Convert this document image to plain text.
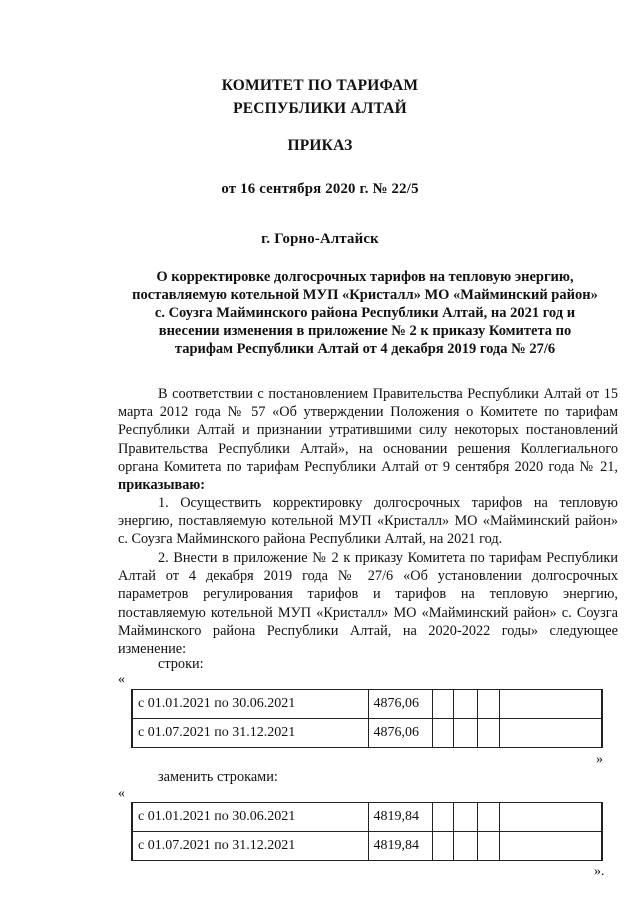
КОМИТЕТ ПО ТАРИФАМ
РЕСПУБЛИКИ АЛТАЙ
ПРИКАЗ
от 16 сентября 2020 г. № 22/5
г. Горно-Алтайск
О корректировке долгосрочных тарифов на тепловую энергию,
поставляемую котельной МУП «Кристалл» МО «Майминский район»
с. Соузга Майминского района Республики Алтай, на 2021 год и
внесении изменения в приложение № 2 к приказу Комитета по
тарифам Республики Алтай от 4 декабря 2019 года № 27/6
В соответствии с постановлением Правительства Республики Алтай от 15 марта 2012 года № 57 «Об утверждении Положения о Комитете по тарифам Республики Алтай и признании утратившими силу некоторых постановлений Правительства Республики Алтай», на основании решения Коллегиального органа Комитета по тарифам Республики Алтай от 9 сентября 2020 года № 21, приказываю:
1. Осуществить корректировку долгосрочных тарифов на тепловую энергию, поставляемую котельной МУП «Кристалл» МО «Майминский район» с. Соузга Майминского района Республики Алтай, на 2021 год.
2. Внести в приложение № 2 к приказу Комитета по тарифам Республики Алтай от 4 декабря 2019 года № 27/6 «Об установлении долгосрочных параметров регулирования тарифов и тарифов на тепловую энергию, поставляемую котельной МУП «Кристалл» МО «Майминский район» с. Соузга Майминского района Республики Алтай, на 2020-2022 годы» следующее изменение:
строки:
«
с 01.01.2021 по 30.06.2021	4876,06				
с 01.07.2021 по 31.12.2021	4876,06				
»
заменить строками:
«
с 01.01.2021 по 30.06.2021	4819,84				
с 01.07.2021 по 31.12.2021	4819,84				
».
